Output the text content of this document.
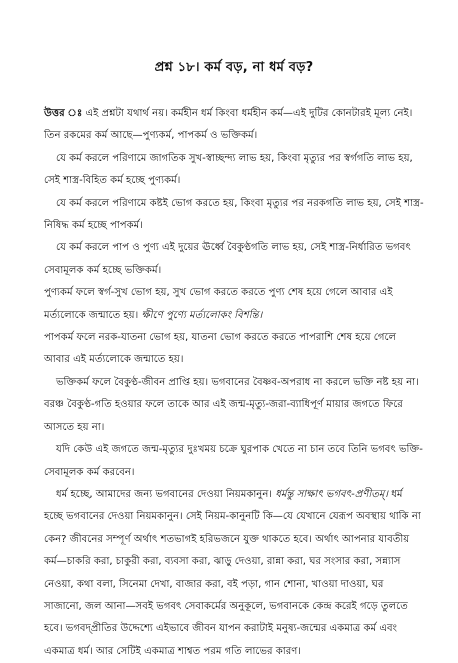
প্রশ্ন ১৮। কর্ম বড়, না ধর্ম বড়?

উত্তর ঃ এই প্রশ্নটা যথার্থ নয়। কর্মহীন ধর্ম কিংবা ধর্মহীন কর্ম—এই দুটির কোনটারই মূল্য নেই। তিন রকমের কর্ম আছে—পুণ্যকর্ম, পাপকর্ম ও ভক্তিকর্ম।

যে কর্ম করলে পরিণামে জাগতিক সুখ-স্বাচ্ছন্দ্য লাভ হয়, কিংবা মৃত্যুর পর স্বর্গগতি লাভ হয়, সেই শাস্ত্র-বিহিত কর্ম হচ্ছে পুণ্যকর্ম।

যে কর্ম করলে পরিণামে কষ্টই ভোগ করতে হয়, কিংবা মৃত্যুর পর নরকগতি লাভ হয়, সেই শাস্ত্র-নিষিদ্ধ কর্ম হচ্ছে পাপকর্ম।

যে কর্ম করলে পাপ ও পুণ্য এই দুয়ের ঊর্ধ্বে বৈকুণ্ঠগতি লাভ হয়, সেই শাস্ত্র-নির্ধারিত ভগবৎ সেবামূলক কর্ম হচ্ছে ভক্তিকর্ম।

পুণ্যকর্ম ফলে স্বর্গ-সুখ ভোগ হয়, সুখ ভোগ করতে করতে পুণ্য শেষ হয়ে গেলে আবার এই মর্ত্যলোকে জন্মাতে হয়। ক্ষীণে পুণ্যে মর্ত্যলোকং বিশন্তি।

পাপকর্ম ফলে নরক-যাতনা ভোগ হয়, যাতনা ভোগ করতে করতে পাপরাশি শেষ হয়ে গেলে আবার এই মর্ত্যলোকে জন্মাতে হয়।

ভক্তিকর্ম ফলে বৈকুণ্ঠ-জীবন প্রাপ্তি হয়। ভগবানের বৈষ্ণব-অপরাধ না করলে ভক্তি নষ্ট হয় না। বরঞ্চ বৈকুণ্ঠ-গতি হওয়ার ফলে তাকে আর এই জন্ম-মৃত্যু-জরা-ব্যাধিপূর্ণ মায়ার জগতে ফিরে আসতে হয় না।

যদি কেউ এই জগতে জন্ম-মৃত্যুর দুঃখময় চক্রে ঘুরপাক খেতে না চান তবে তিনি ভগবৎ ভক্তি-সেবামূলক কর্ম করবেন।

ধর্ম হচ্ছে, আমাদের জন্য ভগবানের দেওয়া নিয়মকানুন। ধর্মন্তু সাক্ষাৎ ভগবৎ-প্রণীতম্। ধর্ম হচ্ছে ভগবানের দেওয়া নিয়মকানুন। সেই নিয়ম-কানুনটি কি—যে যেখানে যেরূপ অবস্থায় থাকি না কেন? জীবনের সম্পূর্ণ অর্থাৎ শতভাগই হরিভজনে যুক্ত থাকতে হবে। অর্থাৎ আপনার যাবতীয় কর্ম—চাকরি করা, চাকুরী করা, ব্যবসা করা, ঝাড়ু দেওয়া, রান্না করা, ঘর সংসার করা, সন্ন্যাস নেওয়া, কথা বলা, সিনেমা দেখা, বাজার করা, বই পড়া, গান শোনা, খাওয়া দাওয়া, ঘর সাজানো, জল আনা—সবই ভগবৎ সেবাকর্মের অনুকূলে, ভগবানকে কেন্দ্র করেই গড়ে তুলতে হবে। ভগবদ্‌প্রীতির উদ্দেশ্যে এইভাবে জীবন যাপন করাটাই মনুষ্য-জন্মের একমাত্র কর্ম এবং একমাত্র ধর্ম। আর সেটিই একমাত্র শাশ্বত পরম গতি লাভের কারণ।
